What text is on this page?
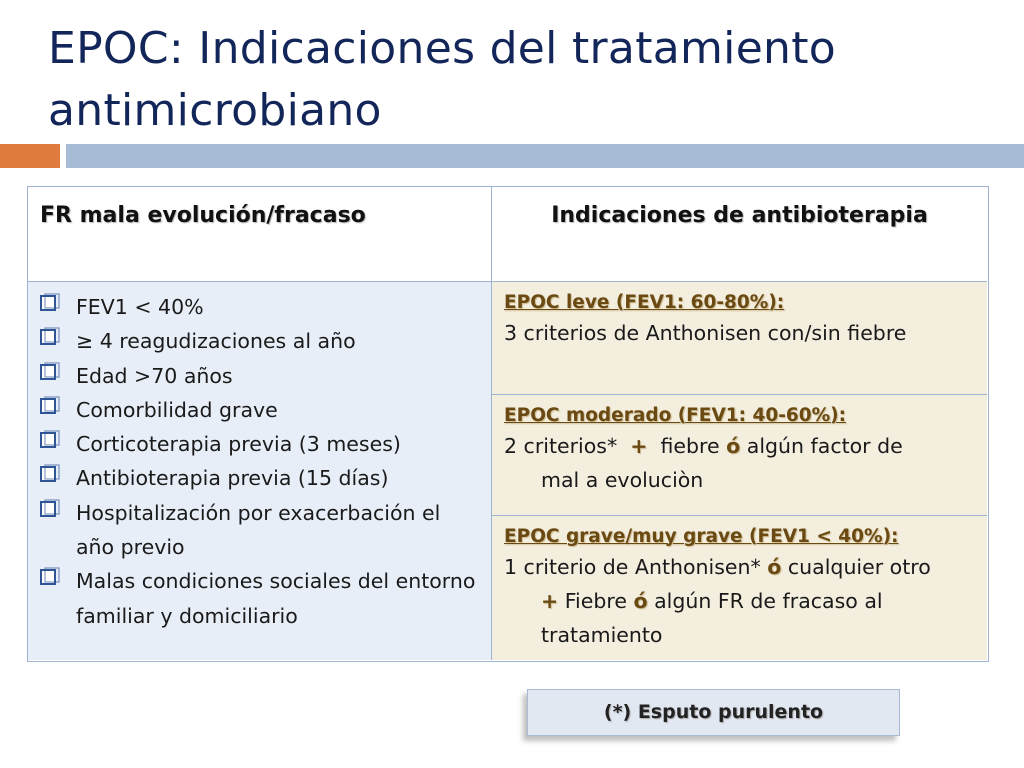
EPOC: Indicaciones del tratamiento antimicrobiano
FR mala evolución/fracaso	Indicaciones de antibioterapia
FEV1 < 40%
≥ 4 reagudizaciones al año
Edad >70 años
Comorbilidad grave
Corticoterapia previa (3 meses)
Antibioterapia previa (15 días)
Hospitalización por exacerbación el año previo
Malas condiciones sociales del entorno familiar y domiciliario
EPOC leve (FEV1: 60-80%):
3 criterios de Anthonisen con/sin fiebre
EPOC moderado (FEV1: 40-60%):
2 criterios* + fiebre ó algún factor de
mal a evoluciòn
EPOC grave/muy grave (FEV1 < 40%):
1 criterio de Anthonisen* ó cualquier otro
+ Fiebre ó algún FR de fracaso al
tratamiento
(*) Esputo purulento
